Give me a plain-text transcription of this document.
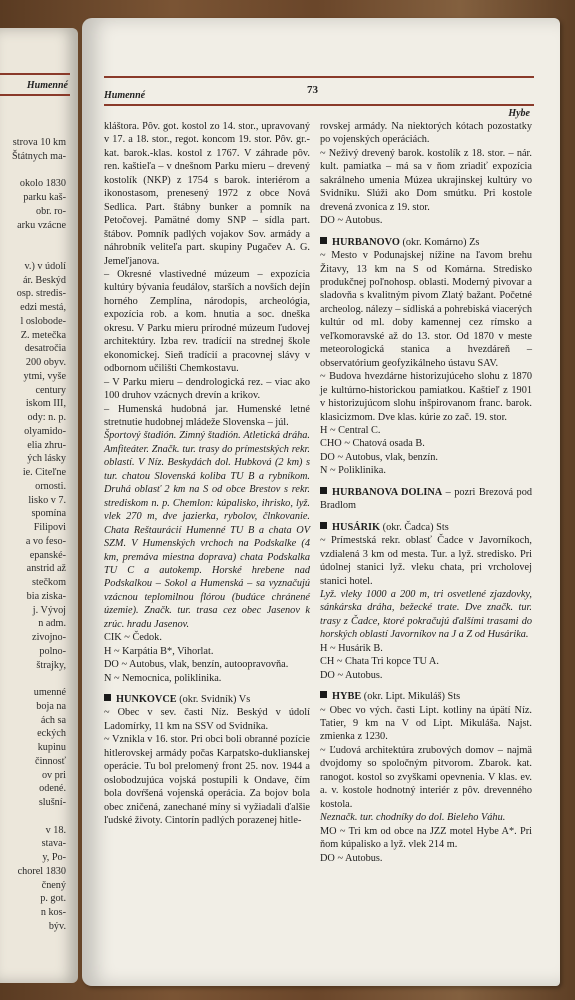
Humenné
strova 10 km
Štátnych ma-

okolo 1830
parku kaš-
obr. ro-
arku vzácne

v.) v údolí
ár. Beskýd
osp. stredis-
edzi mestá,
l oslobode-
Z. metečka
desatročia
200 obyv.
ytmi, vyše
century
iskom III,
ody: n. p.
olyamido-
elia zhru-
ých lásky
ie. Citeľne
ornosti.
lisko v 7.
spomína
Filipovi
a vo feso-
epanské-
anstrid až
stečkom
bia ziska-
j. Vývoj
n adm.
zivojno-
polno-
štrajky,

umenné
boja na
ách sa
eckých
kupinu
činnosť
ov pri
odené.
slušní-

v 18.
stava-
y, Po-
chorel 1830
čnený
p. got.
n kos-
býv.
73
Humenné
Hybe

kláštora. Pôv. got. kostol zo 14. stor., upravovaný v 17. a 18. stor., regot. koncom 19. stor. Pôv. gr.-kat. barok.-klas. kostol z 1767. V záhrade pôv. ren. kaštieľa – v dnešnom Parku mieru – drevený kostolík (NKP) z 1754 s barok. interiérom a ikonostasom, prenesený 1972 z obce Nová Sedlica. Part. štábny bunker a pomník na Petočovej. Pamätné domy SNP – sídla part. štábov. Pomník padlých vojakov Sov. armády a náhrobník veliteľa part. skupiny Pugačev A. G. Jemeľjanova.

– Okresné vlastivedné múzeum – expozícia kultúry bývania feudálov, starších a novších dejín horného Zemplína, národopis, archeológia, expozícia rob. a kom. hnutia a soc. dneška okresu. V Parku mieru prírodné múzeum ľudovej architektúry. Izba rev. tradícií na strednej škole ekonomickej. Sieň tradícií a pracovnej slávy v odbornom učilišti Chemkostavu.

– V Parku mieru – dendrologická rez. – viac ako 100 druhov vzácnych drevín a krikov.

– Humenská hudobná jar. Humenské letné stretnutie hudobnej mládeže Slovenska – júl.

Športový štadión. Zimný štadión. Atletická dráha. Amfiteáter. Značk. tur. trasy do prímestských rekr. oblastí. V Níz. Beskydách dol. Hubková (2 km) s tur. chatou Slovenská koliba TU B a rybníkom. Druhá oblasť 2 km na S od obce Brestov s rekr. strediskom n. p. Chemlon: kúpalisko, ihrisko, lyž. vlek 270 m, dve jazierka, rybolov, člnkovanie. Chata Reštaurácií Humenné TU B a chata OV SZM. V Humenských vrchoch na Podskalke (4 km, premáva miestna doprava) chata Podskalka TU C a autokemp. Horské hrebene nad Podskalkou – Sokol a Humenská – sa vyznačujú vzácnou teplomilnou flórou (budúce chránené územie). Značk. tur. trasa cez obec Jasenov k zrúc. hradu Jasenov.

CIK ~ Čedok.

H ~ Karpátia B*, Vihorlat.

DO ~ Autobus, vlak, benzín, autoopravovňa.

N ~ Nemocnica, poliklinika.

HUNKOVCE (okr. Svidník) Vs

~ Obec v sev. časti Níz. Beskýd v údolí Ladomírky, 11 km na SSV od Svidníka.

~ Vznikla v 16. stor. Pri obci boli obranné pozície hitlerovskej armády počas Karpatsko-duklianskej operácie. Tu bol prelomený front 25. nov. 1944 a oslobodzujúca vojská postupili k Ondave, čím bola dovŕšená vojenská operácia. Za bojov bola obec zničená, zanechané míny si vyžiadali ďalšie ľudské životy. Cintorín padlých porazenej hitle-

rovskej armády. Na niektorých kótach pozostatky po vojenských operáciách.

~ Neživý drevený barok. kostolík z 18. stor. – nár. kult. pamiatka – má sa v ňom zriadiť expozícia sakrálneho umenia Múzea ukrajinskej kultúry vo Svidníku. Slúži ako Dom smútku. Pri kostole drevená zvonica z 19. stor.

DO ~ Autobus.

HURBANOVO (okr. Komárno) Zs

~ Mesto v Podunajskej nížine na ľavom brehu Žitavy, 13 km na S od Komárna. Stredisko produkčnej poľnohosp. oblasti. Moderný pivovar a sladovňa s kvalitným pivom Zlatý bažant. Početné archeolog. nálezy – sídliská a pohrebiská viacerých kultúr od ml. doby kamennej cez rímsko a veľkomoravské až do 13. stor. Od 1870 v meste meteorologická stanica a hvezdáreň – observatórium geofyzikálneho ústavu SAV.

~ Budova hvezdárne historizujúceho slohu z 1870 je kultúrno-historickou pamiatkou. Kaštieľ z 1901 v historizujúcom slohu inšpirovanom franc. barok. klasicizmom. Dve klas. kúrie zo zač. 19. stor.

H ~ Central C.

CHO ~ Chatová osada B.

DO ~ Autobus, vlak, benzín.

N ~ Poliklinika.

HURBANOVA DOLINA – pozri Brezová pod Bradlom

HUSÁRIK (okr. Čadca) Sts

~ Prímestská rekr. oblasť Čadce v Javorníkoch, vzdialená 3 km od mesta. Tur. a lyž. stredisko. Pri údolnej stanici lyž. vleku chata, pri vrcholovej stanici hotel.

Lyž. vleky 1000 a 200 m, tri osvetlené zjazdovky, sánkárska dráha, bežecké trate. Dve značk. tur. trasy z Čadce, ktoré pokračujú ďalšími trasami do horských oblastí Javorníkov na J a Z od Husárika.

H ~ Husárik B.

CH ~ Chata Tri kopce TU A.

DO ~ Autobus.

HYBE (okr. Lipt. Mikuláš) Sts

~ Obec vo vých. časti Lipt. kotliny na úpätí Níz. Tatier, 9 km na V od Lipt. Mikuláša. Najst. zmienka z 1230.

~ Ľudová architektúra zrubových domov – najmä dvojdomy so spoločným pitvorom. Zbarok. kat. ranogot. kostol so zvyškami opevnenia. V klas. ev. a. v. kostole hodnotný interiér z pôv. drevenného kostola.

Neznačk. tur. chodníky do dol. Bieleho Váhu.

MO ~ Tri km od obce na JZZ motel Hybe A*. Pri ňom kúpalisko a lyž. vlek 214 m.

DO ~ Autobus.
